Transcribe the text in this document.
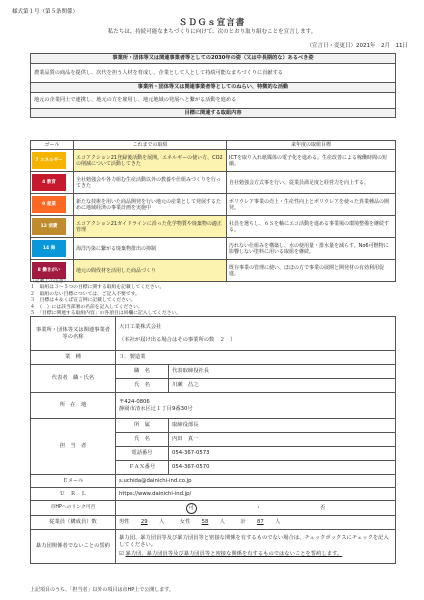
様式第１号（第５条関係）
ＳＤＧｓ宣言書
私たちは、持続可能なまちづくりに向けて、次のとおり取り組むことを宣言します。
（宣言日・変更日）2021年　2月　11日
事業所・団体等又は関連事業者等としての2030年の姿（又は中長期的な）あるべき姿
農業品質の商品を提供し、次代を担う人材を育成し、企業として人として持続可能なまちづくりに貢献する
事業所・団体等又は関連事業者等としてのねらい、特徴的な活動
地元の企業同士で連携し、地元の方を雇用し、地元地域の発展へと繋がる活動を進める
目標に関連する取組内容
ゴール	これまでの取組	来年度の取組目標

7 エネルギー	エコアクション21登録後活動を展開。エネルギーの使い方、CO2の削減について活動してきた	ICTを取り入れ紙媒体の電子化を進める。生産改善による稼働時間の短縮。

4 教育	全社勉強会や各力組む生産活動以外の教養や仕組みづくりを行ってきた	自社勉強会方式事を行い、従業員満足度と経営力を向上する。

9 産業	新たな技術を用いた商品開発を行い地元の産業として発展するために地域経済の事業計画を実施中	ポリウレア事業の売上・生産性向上とポリウレアを使った異業種品の開発。

12 消費	エコアクション21ガイドラインに沿った化学物質や廃棄物の適正管理	社員を選ちし、６Ｓを軸にエコ活動を進める事業場の環境整備を継続する。

14 海	海洋汚染に繋がる廃棄物排出の抑制	汚れない仕組みを構築し、水の使用量・排水量を減らす。No6可燃物に影響しない塗料に用いる取組を継続。

8 働きがい	地元の間伐材を活用した商品づくり	既存事業の管理に使い、ほほの方で事業の展開と開発材の有効利用促進。
（記載上の注意）
１　取組は３～５つの目標に関する取組を記載してください。
２　取組のない目標については、ご記入不要です。
３　目標は４＆くば宣言例に記載してください。
４　（　）には該当部署の名前を記入してください。
５　「目標に関連する取組内容」の各項目は同欄に記入してください。
事業所・団体等又は関連事業者等の名称	大日工業株式会社
（本社が届け出る場合はその事業所の数　２　）	

業　種	３．製造業	
代表者　職・氏名	職　名	代表取締役社長
	氏　名	川瀬　昌之
所　在　地	〒424-0806
静岡市清水区辻１丁目9番30号	

担　当　者	所　属	取締役部長
	氏　名	内田　真一
	電話番号	054-367-0573
	ＦＡＸ番号	054-367-0570
Ｅメール	s.uchida@dainichi-ind.co.jp	
Ｕ　Ｒ　Ｌ	https://www.dainichi-ind.jp/	
市HPへのリンク可否	可 ・ 否	
従業員（構成員）数	男性 29 人 女性 58 人 計 87 人	
暴力団関係者でないことの誓約	暴力団、暴力団員等及び暴力団員等と密接な関係を有するものでない場合は、チェックボックスにチェックを記入してください。
☑ 暴力団、暴力団員等及び暴力団員等と密接な関係を有するものではないことを誓約します。	
上記項目のうち、「担当者」以外の項目は市HP上で公開します。
